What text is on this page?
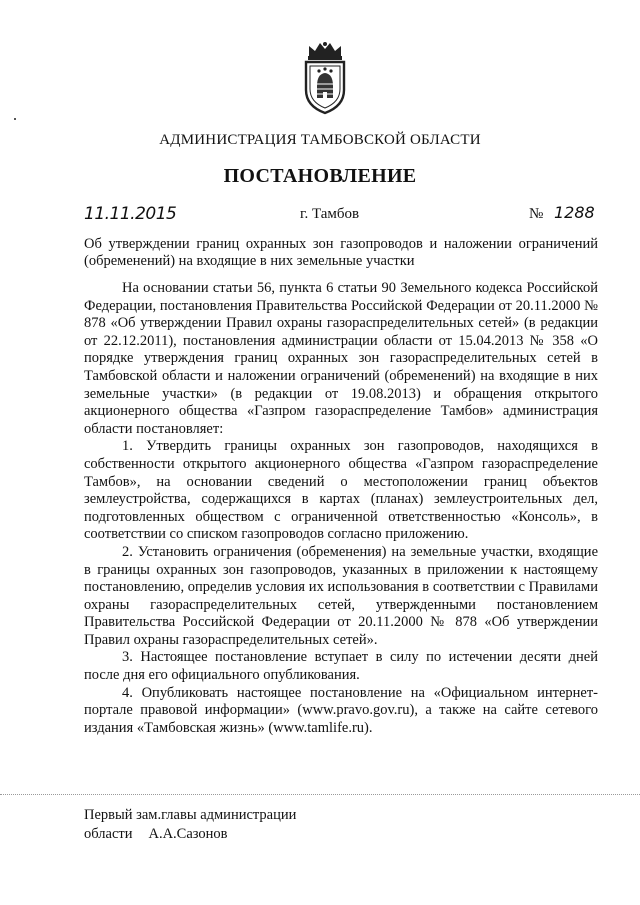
АДМИНИСТРАЦИЯ ТАМБОВСКОЙ ОБЛАСТИ
ПОСТАНОВЛЕНИЕ
11.11.2015	г. Тамбов	№ 1288
Об утверждении границ охранных зон газопроводов и наложении ограничений (обременений) на входящие в них земельные участки

На основании статьи 56, пункта 6 статьи 90 Земельного кодекса Российской Федерации, постановления Правительства Российской Федерации от 20.11.2000 № 878 «Об утверждении Правил охраны газораспределительных сетей» (в редакции от 22.12.2011), постановления администрации области от 15.04.2013 № 358 «О порядке утверждения границ охранных зон газораспределительных сетей в Тамбовской области и наложении ограничений (обременений) на входящие в них земельные участки» (в редакции от 19.08.2013) и обращения открытого акционерного общества «Газпром газораспределение Тамбов» администрация области постановляет:

1. Утвердить границы охранных зон газопроводов, находящихся в собственности открытого акционерного общества «Газпром газораспределение Тамбов», на основании сведений о местоположении границ объектов землеустройства, содержащихся в картах (планах) землеустроительных дел, подготовленных обществом с ограниченной ответственностью «Консоль», в соответствии со списком газопроводов согласно приложению.

2. Установить ограничения (обременения) на земельные участки, входящие в границы охранных зон газопроводов, указанных в приложении к настоящему постановлению, определив условия их использования в соответствии с Правилами охраны газораспределительных сетей, утвержденными постановлением Правительства Российской Федерации от 20.11.2000 № 878 «Об утверждении Правил охраны газораспределительных сетей».

3. Настоящее постановление вступает в силу по истечении десяти дней после дня его официального опубликования.

4. Опубликовать настоящее постановление на «Официальном интернет-портале правовой информации» (www.pravo.gov.ru), а также на сайте сетевого издания «Тамбовская жизнь» (www.tamlife.ru).

Первый зам.главы администрации
области А.А.Сазонов
